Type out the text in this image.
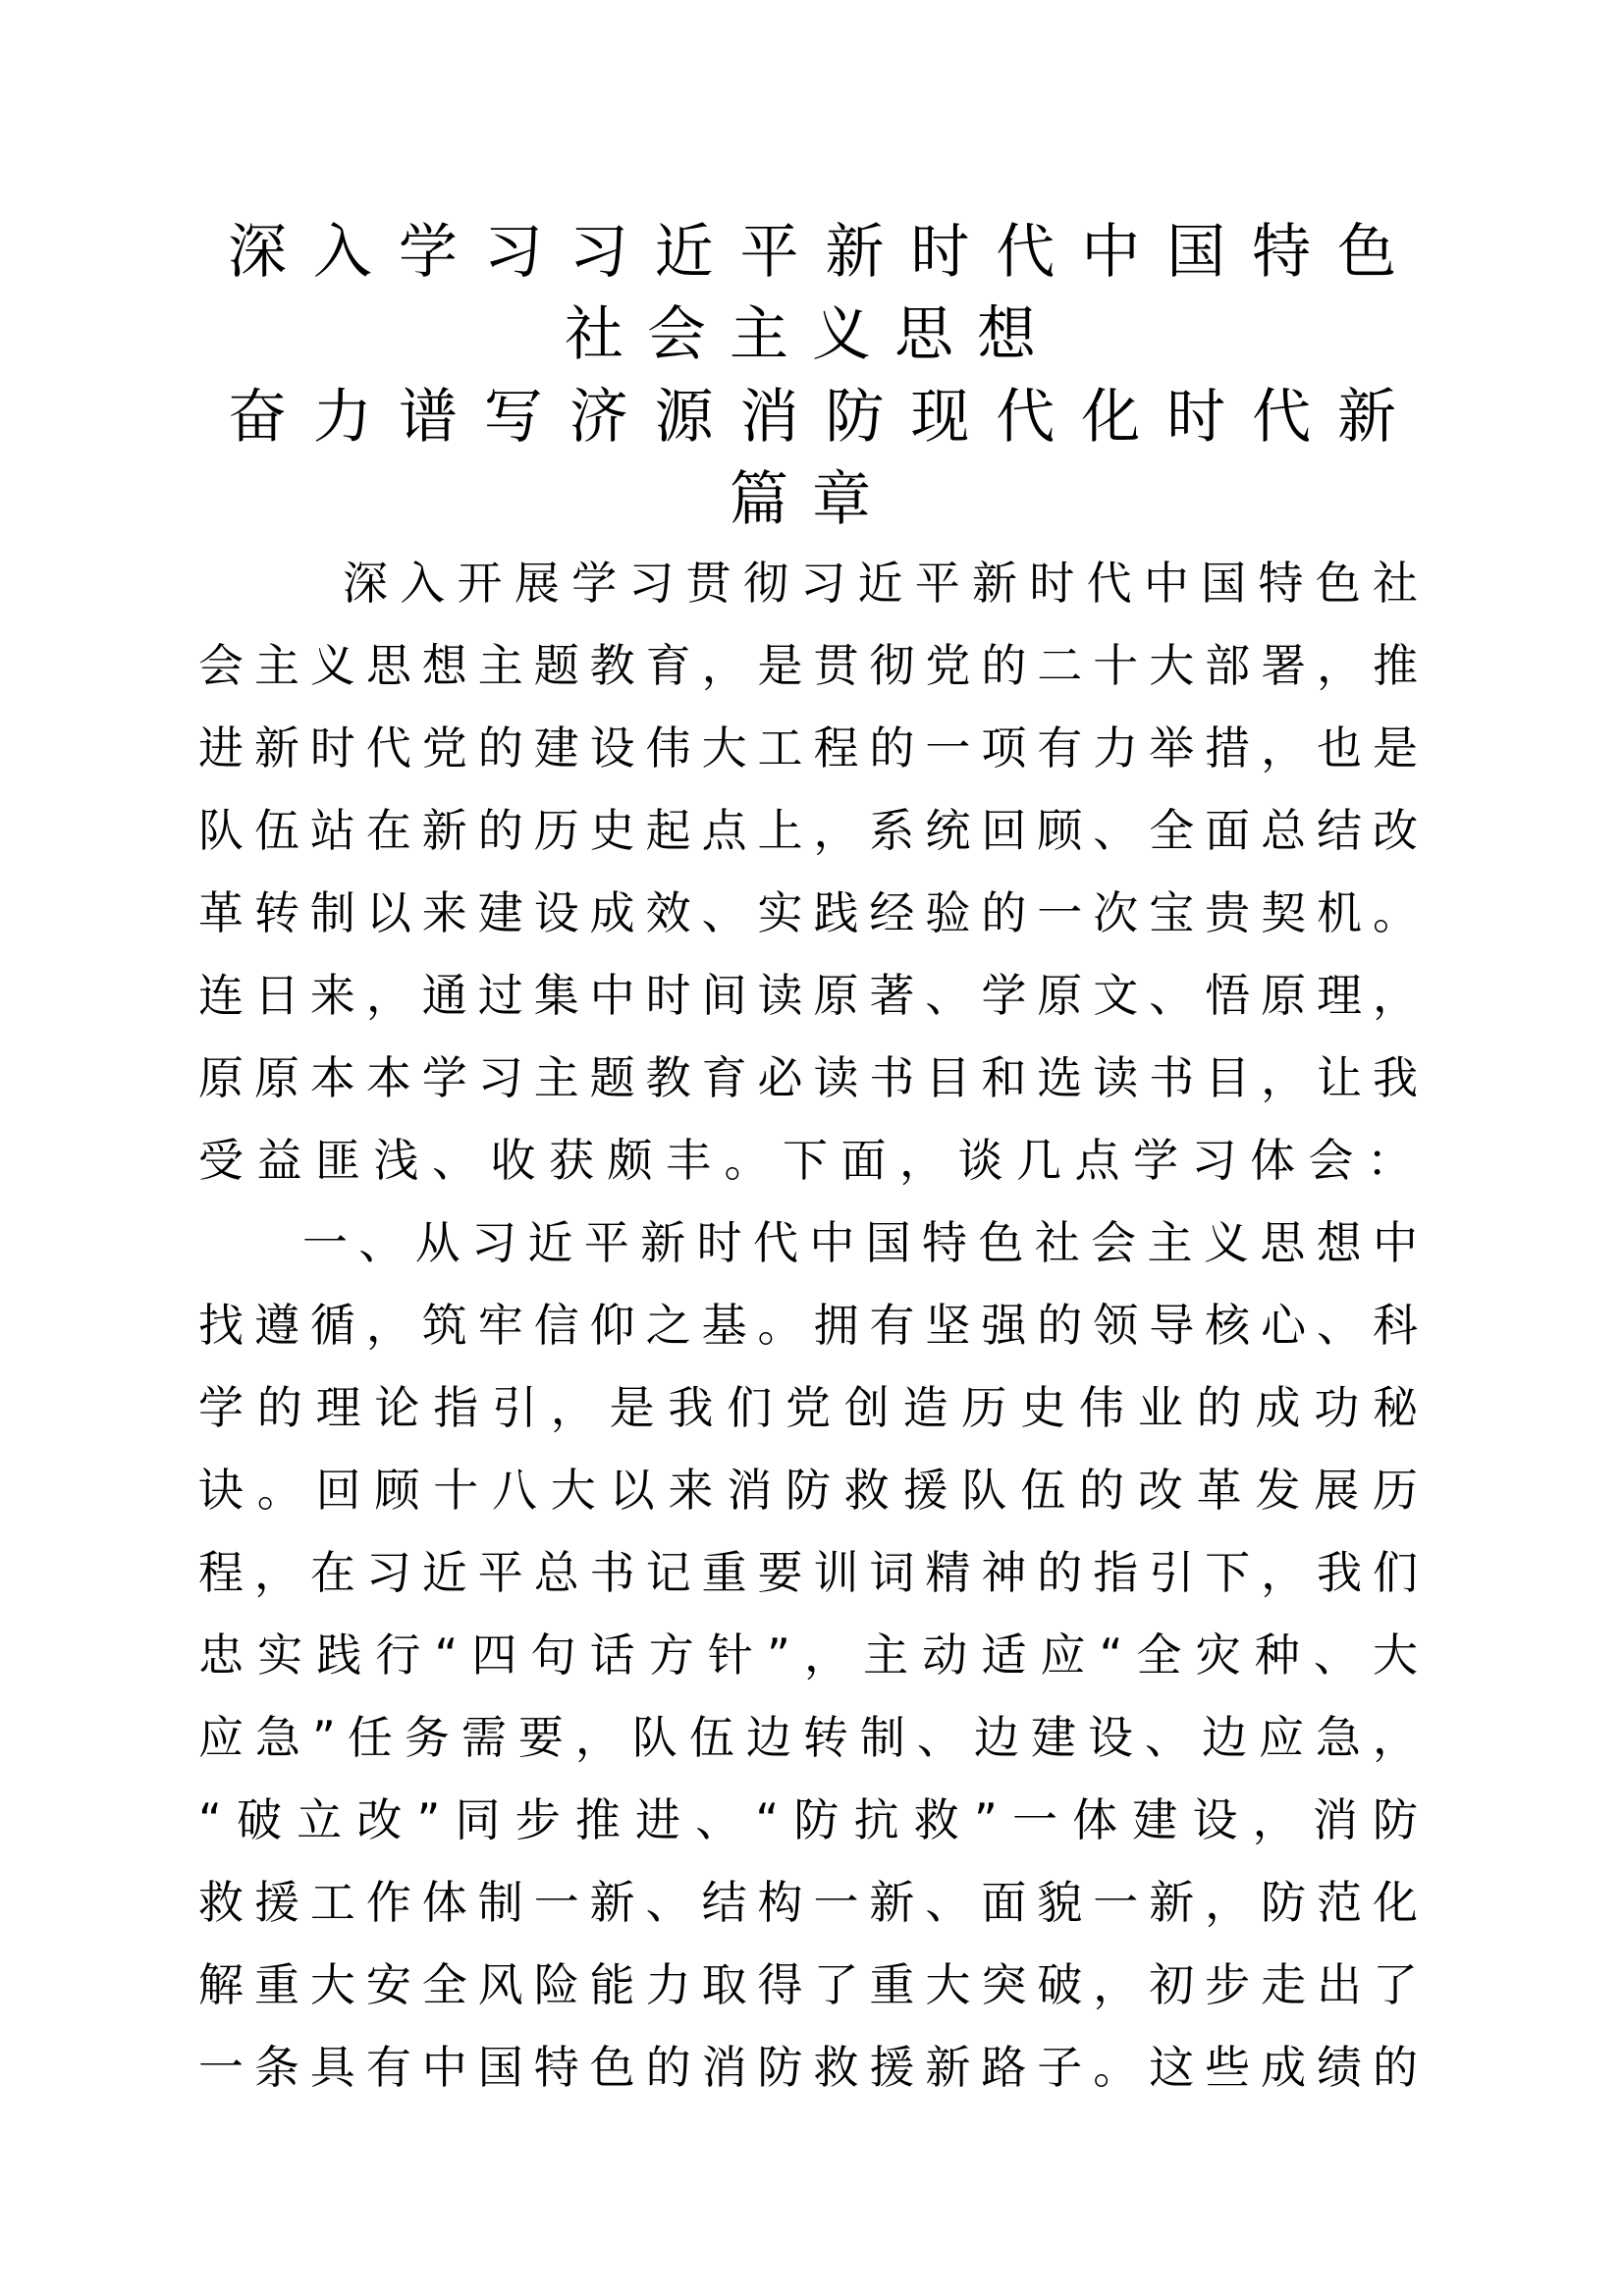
深入学习习近平新时代中国特色
社会主义思想
奋力谱写济源消防现代化时代新
篇章
深入开展学习贯彻习近平新时代中国特色社
会主义思想主题教育，是贯彻党的二十大部署，推
进新时代党的建设伟大工程的一项有力举措，也是
队伍站在新的历史起点上，系统回顾、全面总结改
革转制以来建设成效、实践经验的一次宝贵契机。
连日来，通过集中时间读原著、学原文、悟原理，
原原本本学习主题教育必读书目和选读书目，让我
受益匪浅、收获颇丰。下面，谈几点学习体会：
一、从习近平新时代中国特色社会主义思想中
找遵循，筑牢信仰之基。拥有坚强的领导核心、科
学的理论指引，是我们党创造历史伟业的成功秘
诀。回顾十八大以来消防救援队伍的改革发展历
程，在习近平总书记重要训词精神的指引下，我们
忠实践行“四句话方针”，主动适应“全灾种、大
应急”任务需要，队伍边转制、边建设、边应急，
“破立改”同步推进、“防抗救”一体建设，消防
救援工作体制一新、结构一新、面貌一新，防范化
解重大安全风险能力取得了重大突破，初步走出了
一条具有中国特色的消防救援新路子。这些成绩的
